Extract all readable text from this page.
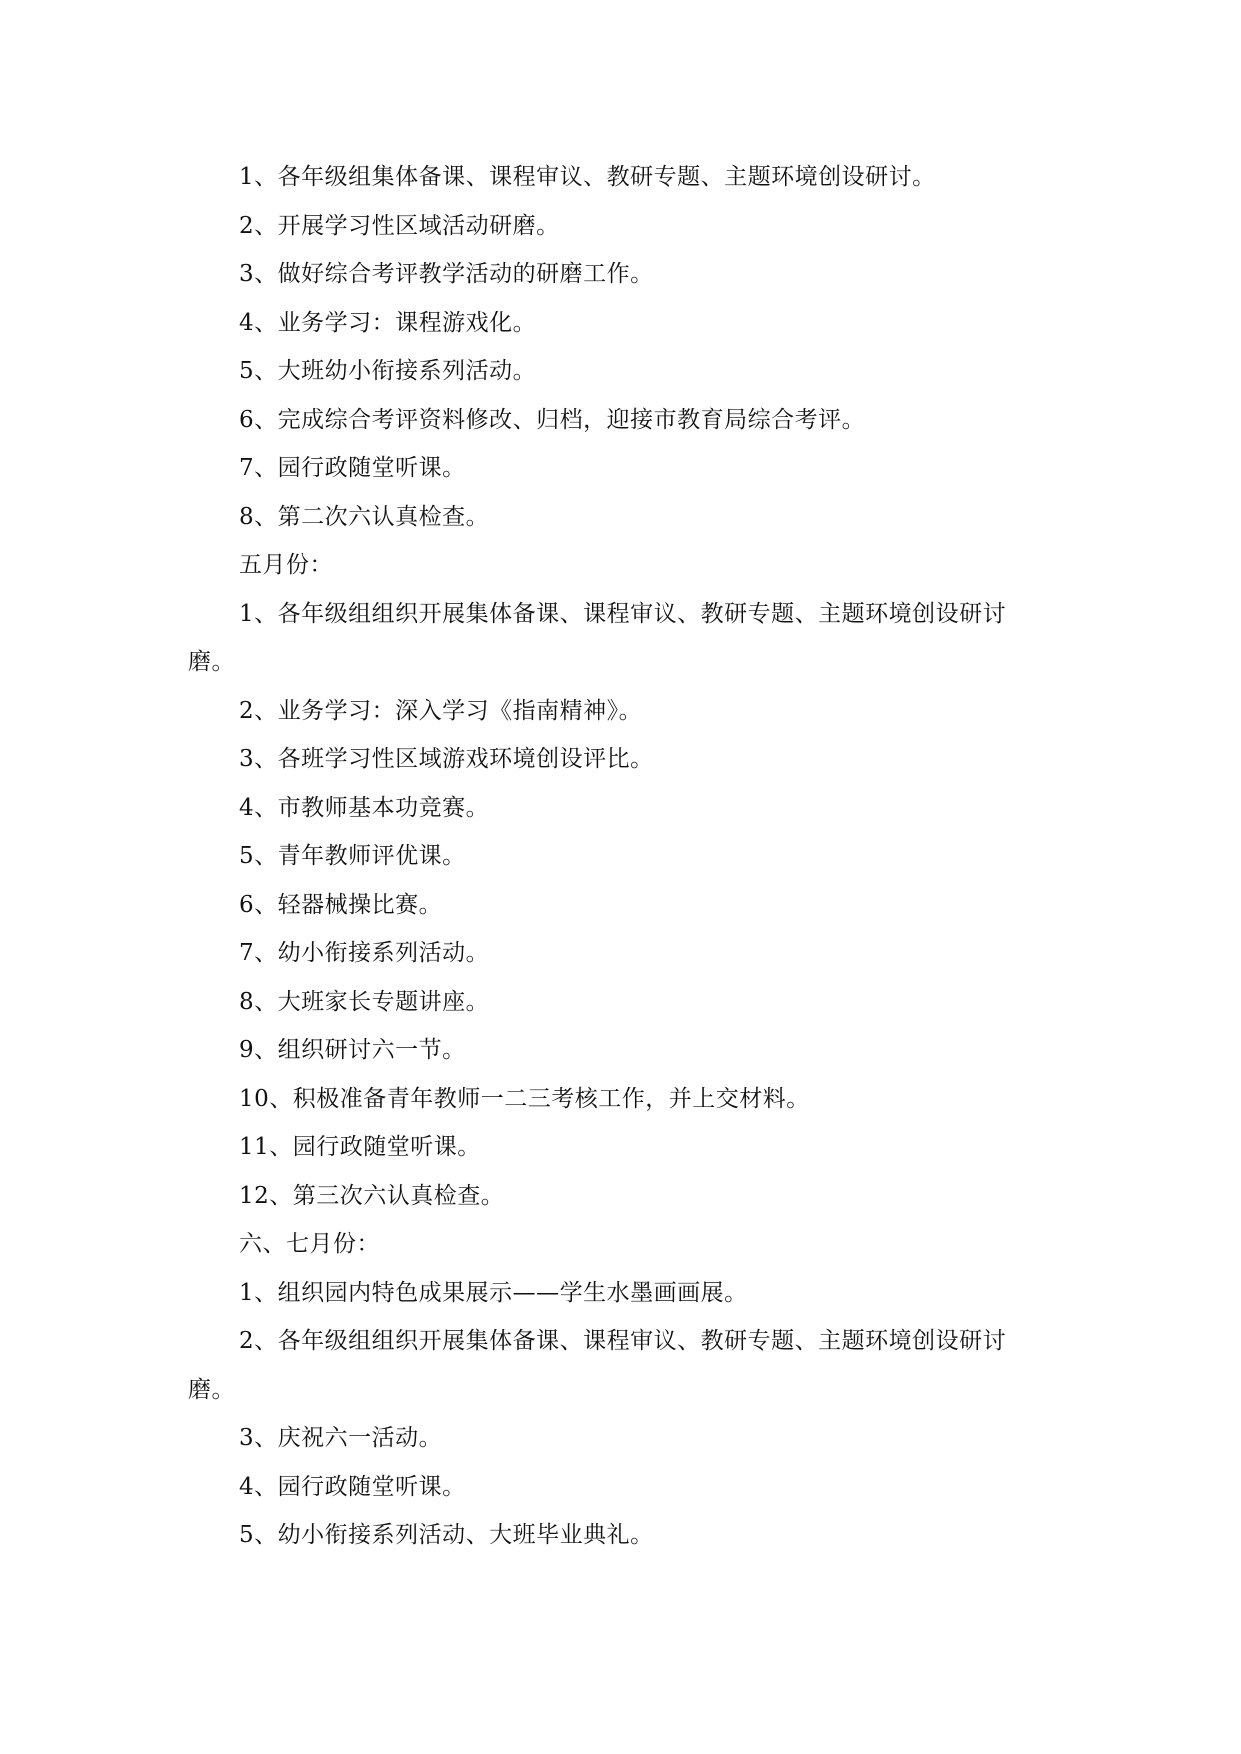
1、各年级组集体备课、课程审议、教研专题、主题环境创设研讨。
2、开展学习性区域活动研磨。
3、做好综合考评教学活动的研磨工作。
4、业务学习：课程游戏化。
5、大班幼小衔接系列活动。
6、完成综合考评资料修改、归档，迎接市教育局综合考评。
7、园行政随堂听课。
8、第二次六认真检查。
五月份：
1、各年级组组织开展集体备课、课程审议、教研专题、主题环境创设研讨
磨。
2、业务学习：深入学习《指南精神》。
3、各班学习性区域游戏环境创设评比。
4、市教师基本功竞赛。
5、青年教师评优课。
6、轻器械操比赛。
7、幼小衔接系列活动。
8、大班家长专题讲座。
9、组织研讨六一节。
10、积极准备青年教师一二三考核工作，并上交材料。
11、园行政随堂听课。
12、第三次六认真检查。
六、七月份：
1、组织园内特色成果展示——学生水墨画画展。
2、各年级组组织开展集体备课、课程审议、教研专题、主题环境创设研讨
磨。
3、庆祝六一活动。
4、园行政随堂听课。
5、幼小衔接系列活动、大班毕业典礼。
